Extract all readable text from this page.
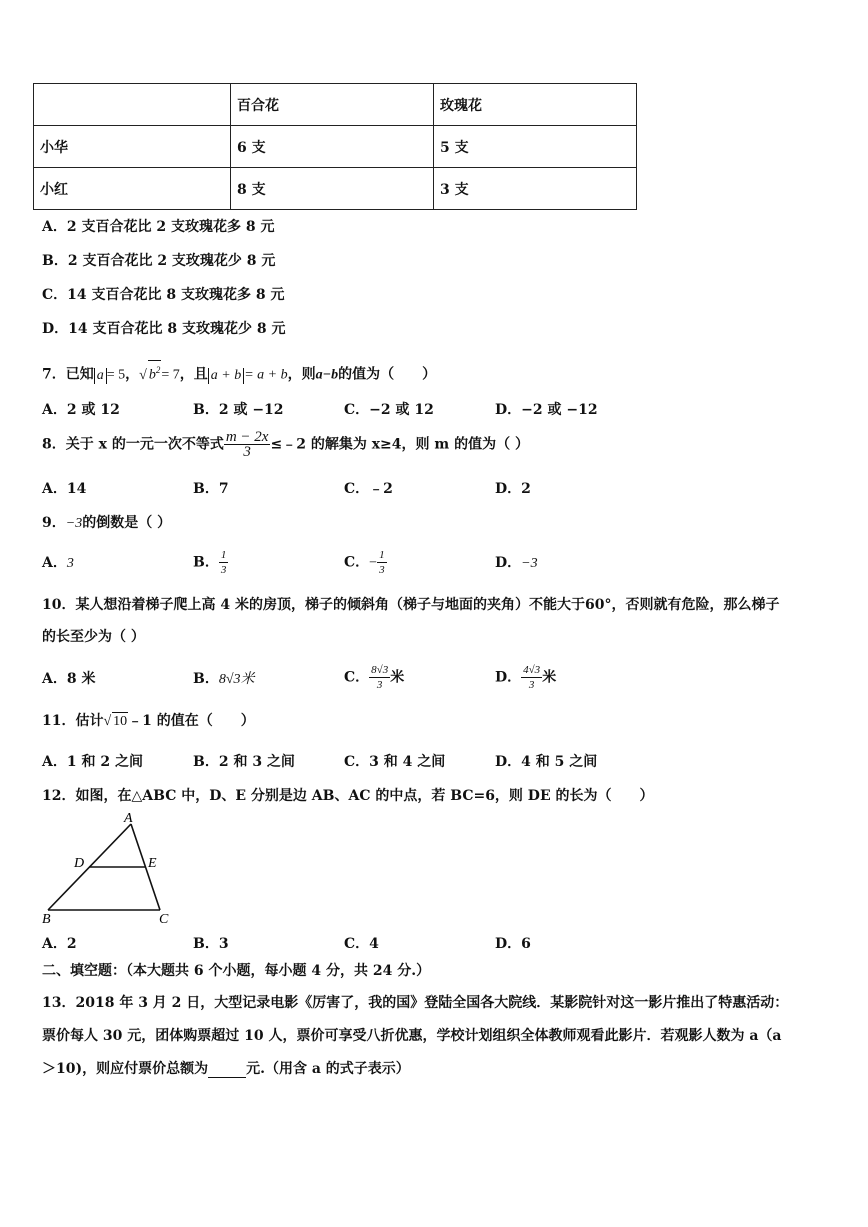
	百合花	玫瑰花
小华	6 支	5 支
小红	8 支	3 支
A．2 支百合花比 2 支玫瑰花多 8 元
B．2 支百合花比 2 支玫瑰花少 8 元
C．14 支百合花比 8 支玫瑰花多 8 元
D．14 支百合花比 8 支玫瑰花少 8 元
7．已知 a = 5，√ $b^2= 7$，且 a + b = a + b，则a−b的值为（　　）
A．2 或 12	B．2 或 −12	C．−2 或 12	D．−2 或 −12
8．关于 x 的一元一次不等式 $\frac{m - 2x}{3}$ ≤﹣2 的解集为 x≥4，则 m 的值为（ ）
A．14	B．7	C．﹣2	D．2
9．−3的倒数是（ ）
A．3	B． $\frac{1}{3}$	C．− $\frac{1}{3}$	D．−3
10．某人想沿着梯子爬上高 4 米的房顶，梯子的倾斜角（梯子与地面的夹角）不能大于60°，否则就有危险，那么梯子
的长至少为（ ）
A．8 米	B．8√3米	C． $\frac{8√3}{3}$ 米	D． $\frac{4√3}{3}$ 米
11．估计√ 10﹣1 的值在（　　）
A．1 和 2 之间	B．2 和 3 之间	C．3 和 4 之间	D．4 和 5 之间
12．如图，在△ABC 中，D、E 分别是边 AB、AC 的中点，若 BC=6，则 DE 的长为（　　）
A
D	E
B	C
A．2	B．3	C．4	D．6
二、填空题：（本大题共 6 个小题，每小题 4 分，共 24 分.）
13．2018 年 3 月 2 日，大型记录电影《厉害了，我的国》登陆全国各大院线．某影院针对这一影片推出了特惠活动：
票价每人 30 元，团体购票超过 10 人，票价可享受八折优惠，学校计划组织全体教师观看此影片．若观影人数为 a（a
＞10)，则应付票价总额为	元.（用含 a 的式子表示）
